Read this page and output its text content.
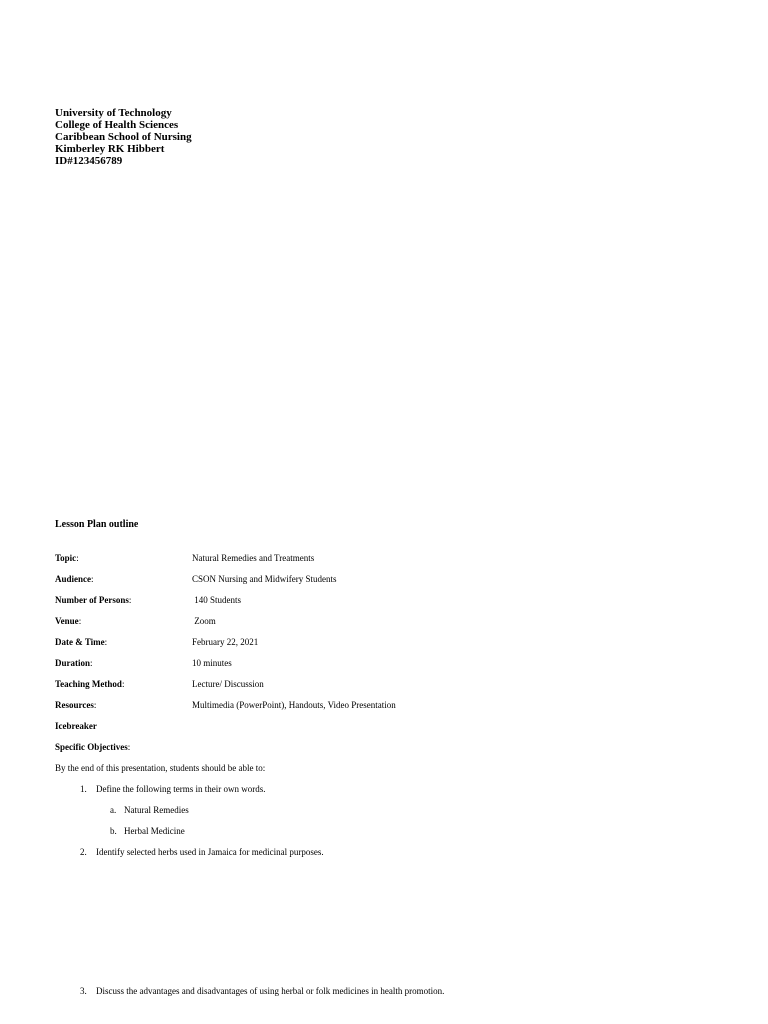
University of Technology
College of Health Sciences
Caribbean School of Nursing
Kimberley RK Hibbert
ID#123456789
Lesson Plan outline
Topic:	Natural Remedies and Treatments
Audience:	CSON Nursing and Midwifery Students
Number of Persons:	140 Students
Venue:	Zoom
Date & Time:	February 22, 2021
Duration:	10 minutes
Teaching Method:	Lecture/ Discussion
Resources:	Multimedia (PowerPoint), Handouts, Video Presentation
Icebreaker
Specific Objectives:
By the end of this presentation, students should be able to:
1. Define the following terms in their own words.
a. Natural Remedies
b. Herbal Medicine
2. Identify selected herbs used in Jamaica for medicinal purposes.
3. Discuss the advantages and disadvantages of using herbal or folk medicines in health promotion.
